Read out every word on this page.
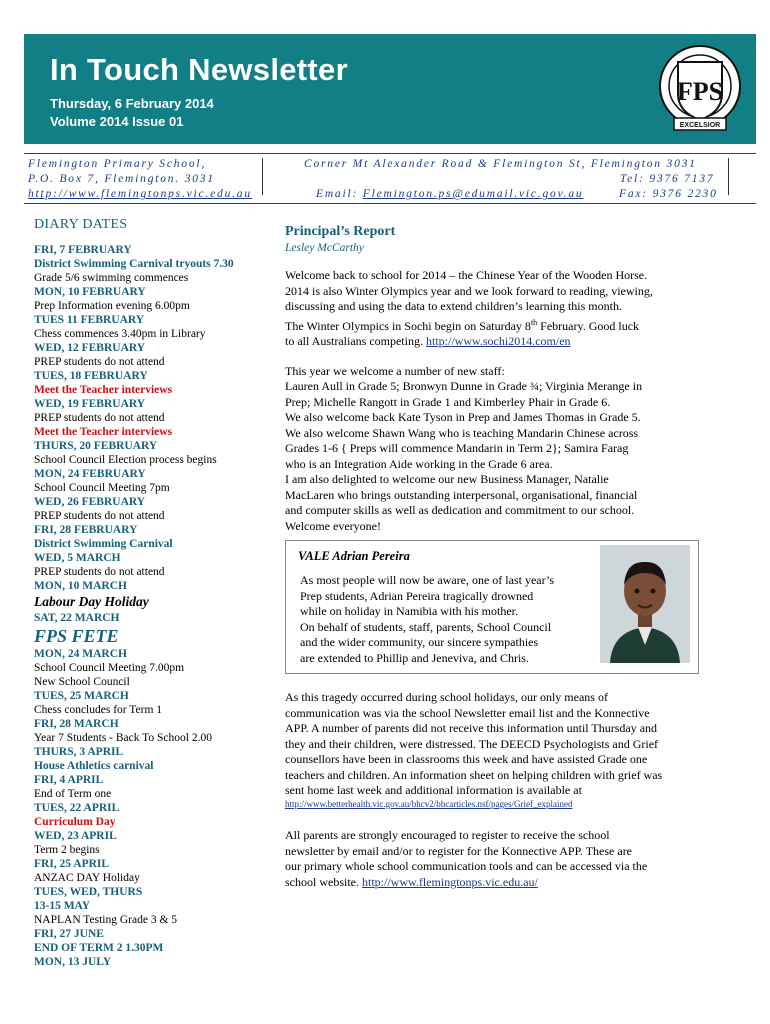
In Touch Newsletter
Thursday, 6 February 2014
Volume 2014 Issue 01
FPS
EXCELSIOR
Flemington Primary School,
P.O. Box 7, Flemington. 3031
http://www.flemingtonps.vic.edu.au
Corner Mt Alexander Road & Flemington St, Flemington 3031
Tel: 9376 7137
Email: Flemington.ps@edumail.vic.gov.au	Fax: 9376 2230
DIARY DATES
FRI, 7 FEBRUARY
District Swimming Carnival tryouts 7.30
Grade 5/6 swimming commences
MON, 10 FEBRUARY
Prep Information evening 6.00pm
TUES 11 FEBRUARY
Chess commences 3.40pm in Library
WED, 12 FEBRUARY
PREP students do not attend
TUES, 18 FEBRUARY
Meet the Teacher interviews
WED, 19 FEBRUARY
PREP students do not attend
Meet the Teacher interviews
THURS, 20 FEBRUARY
School Council Election process begins
MON, 24 FEBRUARY
School Council Meeting 7pm
WED, 26 FEBRUARY
PREP students do not attend
FRI, 28 FEBRUARY
District Swimming Carnival
WED, 5 MARCH
PREP students do not attend
MON, 10 MARCH
Labour Day Holiday
SAT, 22 MARCH
FPS FETE
MON, 24 MARCH
School Council Meeting 7.00pm
New School Council
TUES, 25 MARCH
Chess concludes for Term 1
FRI, 28 MARCH
Year 7 Students - Back To School 2.00
THURS, 3 APRIL
House Athletics carnival
FRI, 4 APRIL
End of Term one
TUES, 22 APRIL
Curriculum Day
WED, 23 APRIL
Term 2 begins
FRI, 25 APRIL
ANZAC DAY Holiday
TUES, WED, THURS
13-15 MAY
NAPLAN Testing Grade 3 & 5
FRI, 27 JUNE
END OF TERM 2 1.30PM
MON, 13 JULY
Principal’s Report
Lesley McCarthy
Welcome back to school for 2014 – the Chinese Year of the Wooden Horse.
2014 is also Winter Olympics year and we look forward to reading, viewing,
discussing and using the data to extend children’s learning this month.
The Winter Olympics in Sochi begin on Saturday 8th February. Good luck
to all Australians competing. http://www.sochi2014.com/en
This year we welcome a number of new staff:
Lauren Aull in Grade 5; Bronwyn Dunne in Grade ¾; Virginia Merange in
Prep; Michelle Rangott in Grade 1 and Kimberley Phair in Grade 6.
We also welcome back Kate Tyson in Prep and James Thomas in Grade 5.
We also welcome Shawn Wang who is teaching Mandarin Chinese across
Grades 1-6 { Preps will commence Mandarin in Term 2}; Samira Farag
who is an Integration Aide working in the Grade 6 area.
I am also delighted to welcome our new Business Manager, Natalie
MacLaren who brings outstanding interpersonal, organisational, financial
and computer skills as well as dedication and commitment to our school.
Welcome everyone!
VALE Adrian Pereira
As most people will now be aware, one of last year’s
Prep students, Adrian Pereira tragically drowned
while on holiday in Namibia with his mother.
On behalf of students, staff, parents, School Council
and the wider community, our sincere sympathies
are extended to Phillip and Jeneviva, and Chris.
As this tragedy occurred during school holidays, our only means of
communication was via the school Newsletter email list and the Konnective
APP. A number of parents did not receive this information until Thursday and
they and their children, were distressed. The DEECD Psychologists and Grief
counsellors have been in classrooms this week and have assisted Grade one
teachers and children. An information sheet on helping children with grief was
sent home last week and additional information is available at
http://www.betterhealth.vic.gov.au/bhcv2/bhcarticles.nsf/pages/Grief_explained
All parents are strongly encouraged to register to receive the school
newsletter by email and/or to register for the Konnective APP. These are
our primary whole school communication tools and can be accessed via the
school website. http://www.flemingtonps.vic.edu.au/
